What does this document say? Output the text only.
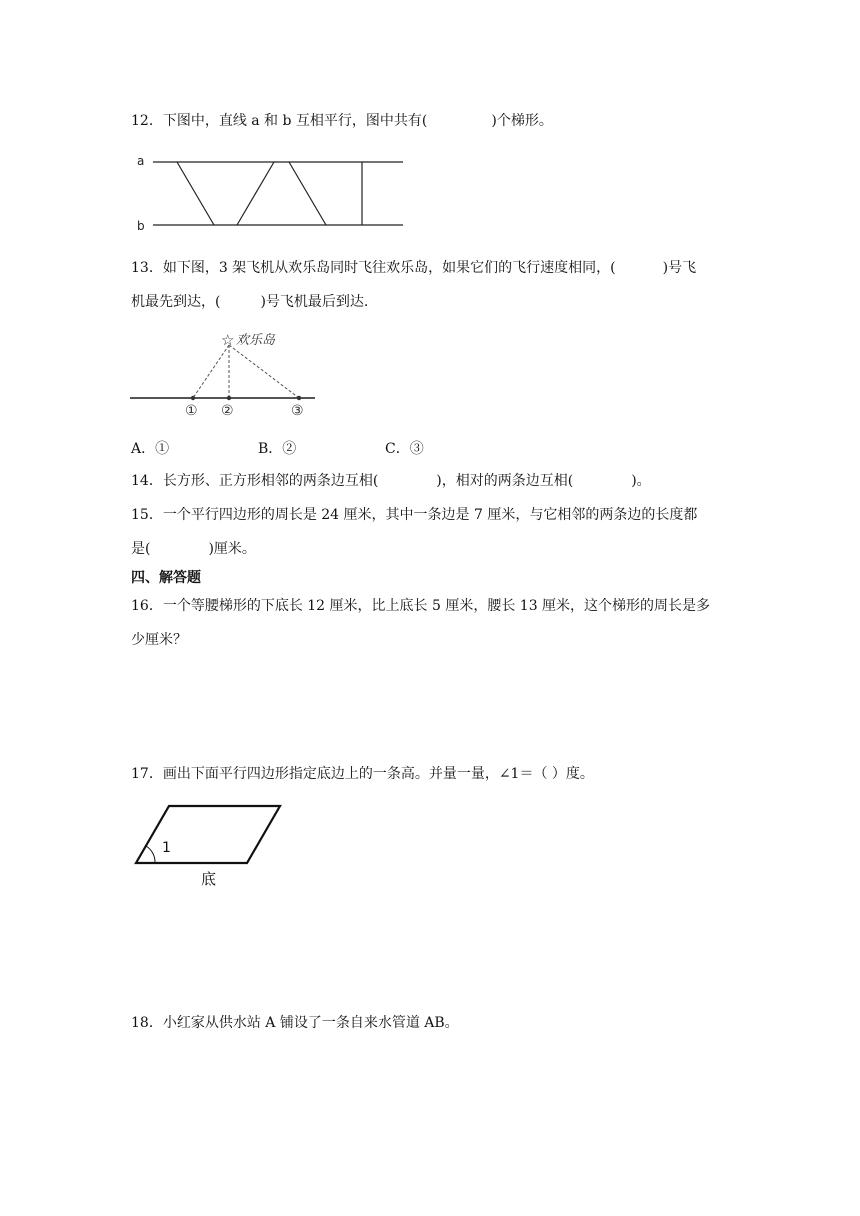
12．下图中，直线 a 和 b 互相平行，图中共有(	)个梯形。
a
b
13．如下图，3 架飞机从欢乐岛同时飞往欢乐岛，如果它们的飞行速度相同，(	)号飞
机最先到达，(	)号飞机最后到达.
☆ 欢乐岛
① ②	③
A．①	B．②	C．③
14．长方形、正方形相邻的两条边互相(	)，相对的两条边互相(	)。
15．一个平行四边形的周长是 24 厘米，其中一条边是 7 厘米，与它相邻的两条边的长度都
是(	)厘米。
四、解答题
16．一个等腰梯形的下底长 12 厘米，比上底长 5 厘米，腰长 13 厘米，这个梯形的周长是多
少厘米？
17．画出下面平行四边形指定底边上的一条高。并量一量，∠1＝（ ）度。
1
底
18．小红家从供水站 A 铺设了一条自来水管道 AB。
